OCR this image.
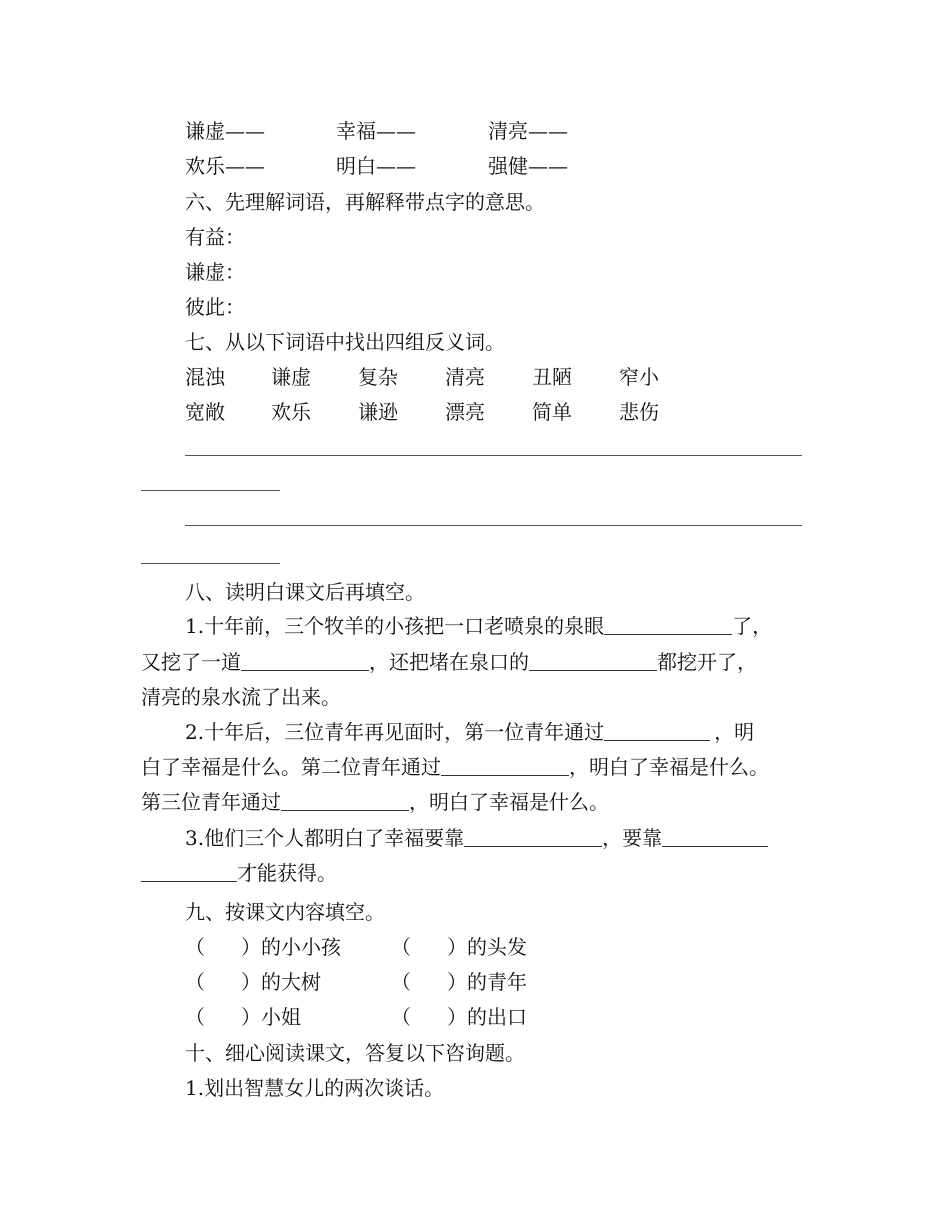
谦虚——	幸福——	清亮——
欢乐——	明白——	强健——
六、先理解词语，再解释带点字的意思。
有益：
谦虚：
彼此：
七、从以下词语中找出四组反义词。
混浊 谦虚 复杂 清亮 丑陋 窄小
宽敞 欢乐 谦逊 漂亮 简单 悲伤
八、读明白课文后再填空。
1.十年前，三个牧羊的小孩把一口老喷泉的泉眼	了，
又挖了一道	，还把堵在泉口的	都挖开了，
清亮的泉水流了出来。
2.十年后，三位青年再见面时，第一位青年通过	，明
白了幸福是什么。第二位青年通过	，明白了幸福是什么。
第三位青年通过	，明白了幸福是什么。
3.他们三个人都明白了幸福要靠	，要靠
才能获得。
九、按课文内容填空。
（ ）的小小孩	（ ）的头发
（ ）的大树	（ ）的青年
（ ）小姐	（ ）的出口
十、细心阅读课文，答复以下咨询题。
1.划出智慧女儿的两次谈话。
